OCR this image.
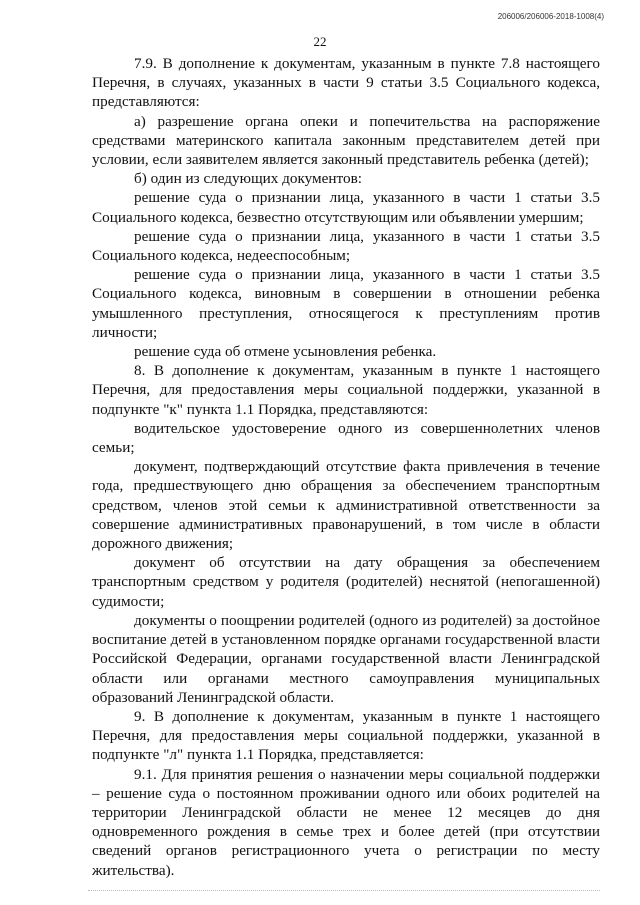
206006/206006-2018-1008(4)
22

7.9. В дополнение к документам, указанным в пункте 7.8 настоящего Перечня, в случаях, указанных в части 9 статьи 3.5 Социального кодекса, представляются:

а) разрешение органа опеки и попечительства на распоряжение средствами материнского капитала законным представителем детей при условии, если заявителем является законный представитель ребенка (детей);

б) один из следующих документов:

решение суда о признании лица, указанного в части 1 статьи 3.5 Социального кодекса, безвестно отсутствующим или объявлении умершим;

решение суда о признании лица, указанного в части 1 статьи 3.5 Социального кодекса, недееспособным;

решение суда о признании лица, указанного в части 1 статьи 3.5 Социального кодекса, виновным в совершении в отношении ребенка умышленного преступления, относящегося к преступлениям против личности;

решение суда об отмене усыновления ребенка.

8. В дополнение к документам, указанным в пункте 1 настоящего Перечня, для предоставления меры социальной поддержки, указанной в подпункте "к" пункта 1.1 Порядка, представляются:

водительское удостоверение одного из совершеннолетних членов семьи;

документ, подтверждающий отсутствие факта привлечения в течение года, предшествующего дню обращения за обеспечением транспортным средством, членов этой семьи к административной ответственности за совершение административных правонарушений, в том числе в области дорожного движения;

документ об отсутствии на дату обращения за обеспечением транспортным средством у родителя (родителей) неснятой (непогашенной) судимости;

документы о поощрении родителей (одного из родителей) за достойное воспитание детей в установленном порядке органами государственной власти Российской Федерации, органами государственной власти Ленинградской области или органами местного самоуправления муниципальных образований Ленинградской области.

9. В дополнение к документам, указанным в пункте 1 настоящего Перечня, для предоставления меры социальной поддержки, указанной в подпункте "л" пункта 1.1 Порядка, представляется:

9.1. Для принятия решения о назначении меры социальной поддержки – решение суда о постоянном проживании одного или обоих родителей на территории Ленинградской области не менее 12 месяцев до дня одновременного рождения в семье трех и более детей (при отсутствии сведений органов регистрационного учета о регистрации по месту жительства).
